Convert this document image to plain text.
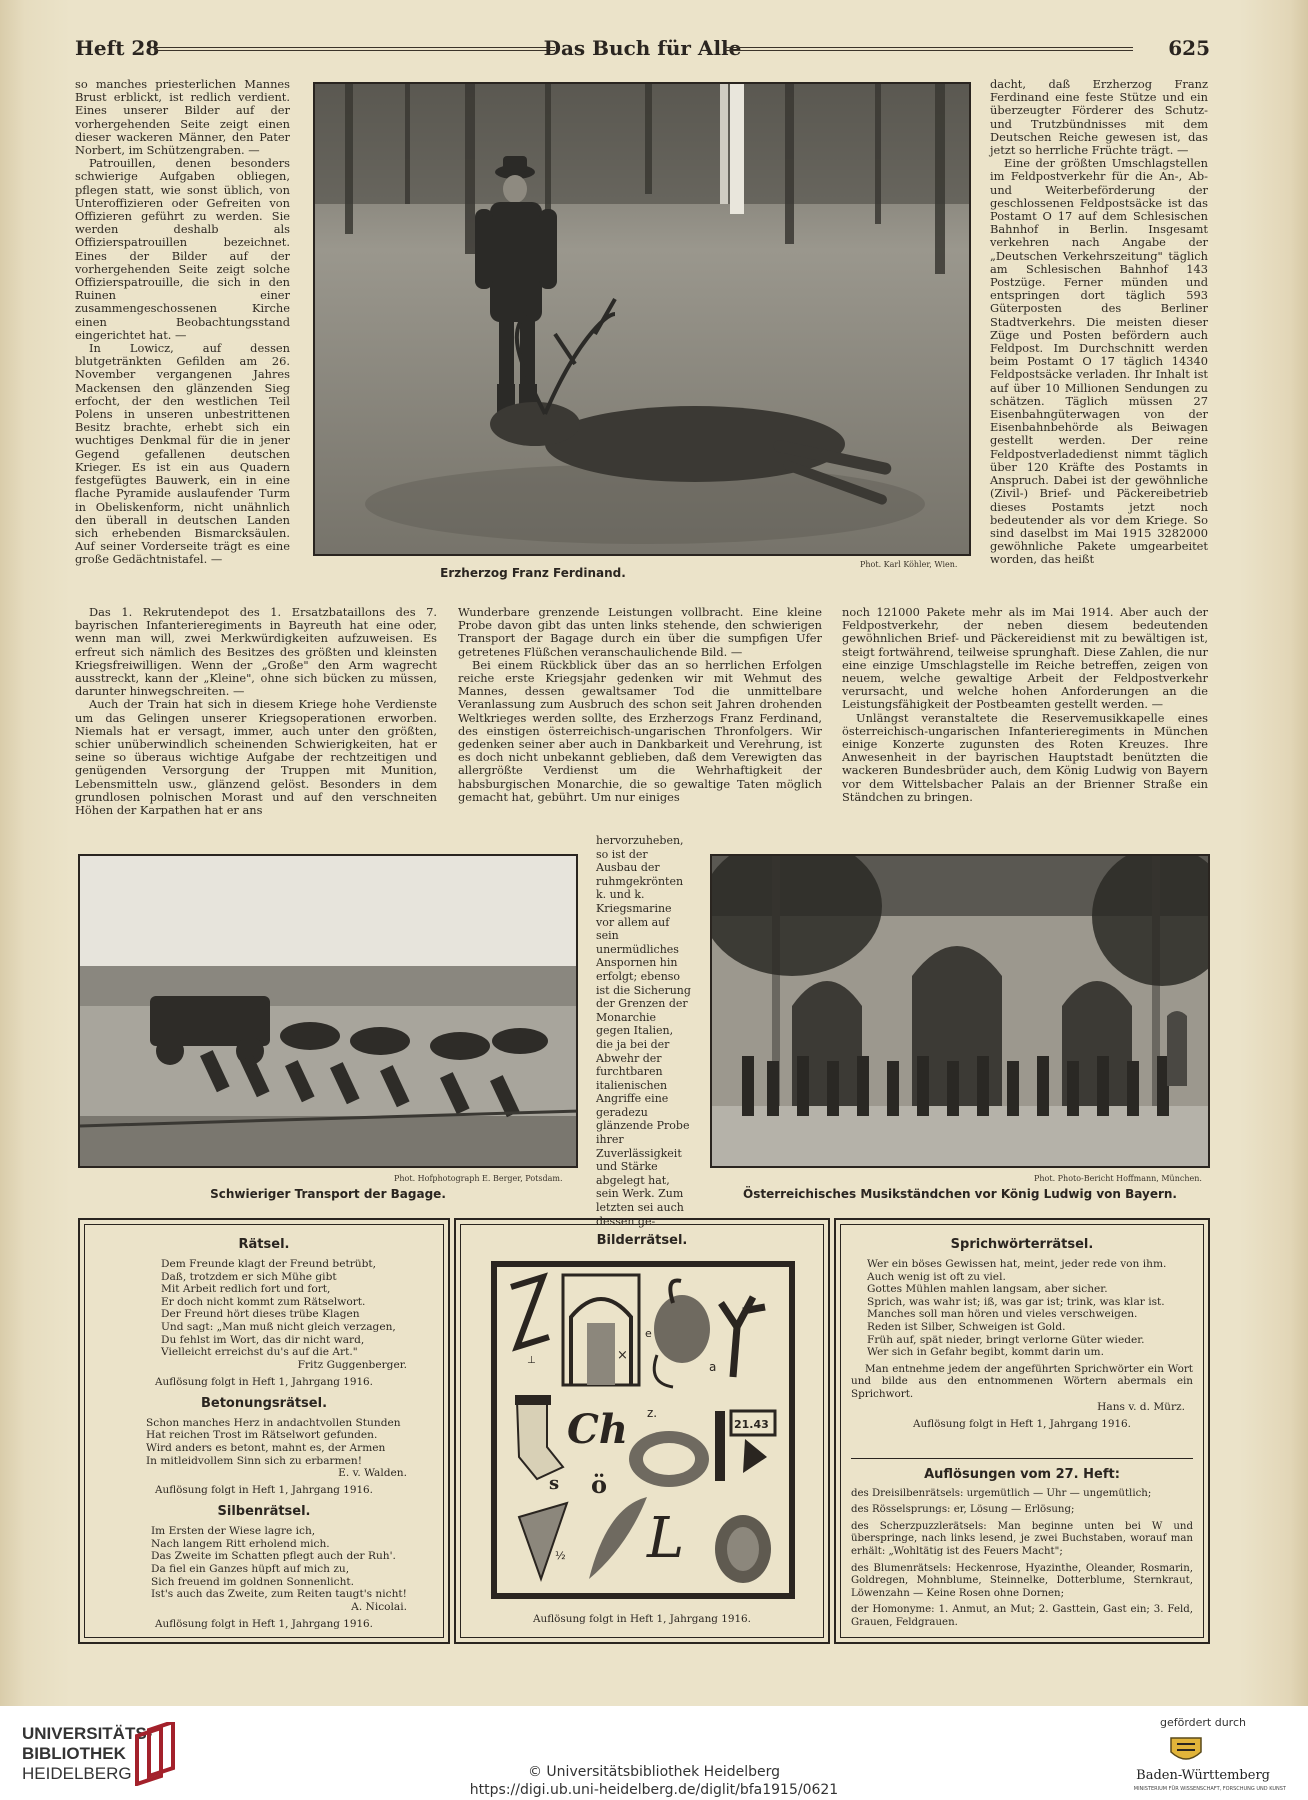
Heft 28	Das Buch für Alle	625

so manches priesterlichen Mannes Brust erblickt, ist redlich verdient. Eines unserer Bilder auf der vorhergehenden Seite zeigt einen dieser wackeren Männer, den Pater Norbert, im Schützengraben. —

Patrouillen, denen besonders schwierige Aufgaben obliegen, pflegen statt, wie sonst üblich, von Unteroffizieren oder Gefreiten von Offizieren geführt zu werden. Sie werden deshalb als Offizierspatrouillen bezeichnet. Eines der Bilder auf der vorhergehenden Seite zeigt solche Offizierspatrouille, die sich in den Ruinen einer zusammengeschossenen Kirche einen Beobachtungsstand eingerichtet hat. —

In Lowicz, auf dessen blutgetränkten Gefilden am 26. November vergangenen Jahres Mackensen den glänzenden Sieg erfocht, der den westlichen Teil Polens in unseren unbestrittenen Besitz brachte, erhebt sich ein wuchtiges Denkmal für die in jener Gegend gefallenen deutschen Krieger. Es ist ein aus Quadern festgefügtes Bauwerk, ein in eine flache Pyramide auslaufender Turm in Obeliskenform, nicht unähnlich den überall in deutschen Landen sich erhebenden Bismarcksäulen. Auf seiner Vorderseite trägt es eine große Gedächtnistafel. —

Erzherzog Franz Ferdinand.
Phot. Karl Köhler, Wien.

dacht, daß Erzherzog Franz Ferdinand eine feste Stütze und ein überzeugter Förderer des Schutz- und Trutzbündnisses mit dem Deutschen Reiche gewesen ist, das jetzt so herrliche Früchte trägt. —

Eine der größten Umschlagstellen im Feldpostverkehr für die An-, Ab- und Weiterbeförderung der geschlossenen Feldpostsäcke ist das Postamt O 17 auf dem Schlesischen Bahnhof in Berlin. Insgesamt verkehren nach Angabe der „Deutschen Verkehrszeitung" täglich am Schlesischen Bahnhof 143 Postzüge. Ferner münden und entspringen dort täglich 593 Güterposten des Berliner Stadtverkehrs. Die meisten dieser Züge und Posten befördern auch Feldpost. Im Durchschnitt werden beim Postamt O 17 täglich 14340 Feldpostsäcke verladen. Ihr Inhalt ist auf über 10 Millionen Sendungen zu schätzen. Täglich müssen 27 Eisenbahngüterwagen von der Eisenbahnbehörde als Beiwagen gestellt werden. Der reine Feldpostverladedienst nimmt täglich über 120 Kräfte des Postamts in Anspruch. Dabei ist der gewöhnliche (Zivil-) Brief- und Päckereibetrieb dieses Postamts jetzt noch bedeutender als vor dem Kriege. So sind daselbst im Mai 1915 3282000 gewöhnliche Pakete umgearbeitet worden, das heißt

Das 1. Rekrutendepot des 1. Ersatzbataillons des 7. bayrischen Infanterieregiments in Bayreuth hat eine oder, wenn man will, zwei Merkwürdigkeiten aufzuweisen. Es erfreut sich nämlich des Besitzes des größten und kleinsten Kriegsfreiwilligen. Wenn der „Große" den Arm wagrecht ausstreckt, kann der „Kleine", ohne sich bücken zu müssen, darunter hinwegschreiten. —

Auch der Train hat sich in diesem Kriege hohe Verdienste um das Gelingen unserer Kriegsoperationen erworben. Niemals hat er versagt, immer, auch unter den größten, schier unüberwindlich scheinenden Schwierigkeiten, hat er seine so überaus wichtige Aufgabe der rechtzeitigen und genügenden Versorgung der Truppen mit Munition, Lebensmitteln usw., glänzend gelöst. Besonders in dem grundlosen polnischen Morast und auf den verschneiten Höhen der Karpathen hat er ans

Wunderbare grenzende Leistungen vollbracht. Eine kleine Probe davon gibt das unten links stehende, den schwierigen Transport der Bagage durch ein über die sumpfigen Ufer getretenes Flüßchen veranschaulichende Bild. —

Bei einem Rückblick über das an so herrlichen Erfolgen reiche erste Kriegsjahr gedenken wir mit Wehmut des Mannes, dessen gewaltsamer Tod die unmittelbare Veranlassung zum Ausbruch des schon seit Jahren drohenden Weltkrieges werden sollte, des Erzherzogs Franz Ferdinand, des einstigen österreichisch-ungarischen Thronfolgers. Wir gedenken seiner aber auch in Dankbarkeit und Verehrung, ist es doch nicht unbekannt geblieben, daß dem Verewigten das allergrößte Verdienst um die Wehrhaftigkeit der habsburgischen Monarchie, die so gewaltige Taten möglich gemacht hat, gebührt. Um nur einiges

noch 121000 Pakete mehr als im Mai 1914. Aber auch der Feldpostverkehr, der neben diesem bedeutenden gewöhnlichen Brief- und Päckereidienst mit zu bewältigen ist, steigt fortwährend, teilweise sprunghaft. Diese Zahlen, die nur eine einzige Umschlagstelle im Reiche betreffen, zeigen von neuem, welche gewaltige Arbeit der Feldpostverkehr verursacht, und welche hohen Anforderungen an die Leistungsfähigkeit der Postbeamten gestellt werden. —

Unlängst veranstaltete die Reservemusikkapelle eines österreichisch-ungarischen Infanterieregiments in München einige Konzerte zugunsten des Roten Kreuzes. Ihre Anwesenheit in der bayrischen Hauptstadt benützten die wackeren Bundesbrüder auch, dem König Ludwig von Bayern vor dem Wittelsbacher Palais an der Brienner Straße ein Ständchen zu bringen.

Schwieriger Transport der Bagage.
Phot. Hofphotograph E. Berger, Potsdam.
hervorzuheben, so ist der Ausbau der ruhmgekrönten k. und k. Kriegsmarine vor allem auf sein unermüdliches Anspornen hin erfolgt; ebenso ist die Sicherung der Grenzen der Monarchie gegen Italien, die ja bei der Abwehr der furchtbaren italienischen Angriffe eine geradezu glänzende Probe ihrer Zuverlässigkeit und Stärke abgelegt hat, sein Werk. Zum letzten sei auch dessen ge-
Österreichisches Musikständchen vor König Ludwig von Bayern.
Phot. Photo-Bericht Hoffmann, München.
Rätsel.
Dem Freunde klagt der Freund betrübt,
Daß, trotzdem er sich Mühe gibt
Mit Arbeit redlich fort und fort,
Er doch nicht kommt zum Rätselwort.
Der Freund hört dieses trübe Klagen
Und sagt: „Man muß nicht gleich verzagen,
Du fehlst im Wort, das dir nicht ward,
Vielleicht erreichst du's auf die Art."
Fritz Guggenberger.
Auflösung folgt in Heft 1, Jahrgang 1916.
Betonungsrätsel.
Schon manches Herz in andachtvollen Stunden
Hat reichen Trost im Rätselwort gefunden.
Wird anders es betont, mahnt es, der Armen
In mitleidvollem Sinn sich zu erbarmen!
E. v. Walden.
Auflösung folgt in Heft 1, Jahrgang 1916.
Silbenrätsel.
Im Ersten der Wiese lagre ich,
Nach langem Ritt erholend mich.
Das Zweite im Schatten pflegt auch der Ruh'.
Da fiel ein Ganzes hüpft auf mich zu,
Sich freuend im goldnen Sonnenlicht.
Ist's auch das Zweite, zum Reiten taugt's nicht!
A. Nicolai.
Auflösung folgt in Heft 1, Jahrgang 1916.
Bilderrätsel.
⊥	×
e
a
s
Ch
ö
z.
21.43
½ L
Auflösung folgt in Heft 1, Jahrgang 1916.
Sprichwörterrätsel.
Wer ein böses Gewissen hat, meint, jeder rede von ihm.
Auch wenig ist oft zu viel.
Gottes Mühlen mahlen langsam, aber sicher.
Sprich, was wahr ist; iß, was gar ist; trink, was klar ist.
Manches soll man hören und vieles verschweigen.
Reden ist Silber, Schweigen ist Gold.
Früh auf, spät nieder, bringt verlorne Güter wieder.
Wer sich in Gefahr begibt, kommt darin um.
Man entnehme jedem der angeführten Sprichwörter ein Wort und bilde aus den entnommenen Wörtern abermals ein Sprichwort.
Hans v. d. Mürz.
Auflösung folgt in Heft 1, Jahrgang 1916.
Auflösungen vom 27. Heft:
des Dreisilbenrätsels: urgemütlich — Uhr — ungemütlich;
des Rösselsprungs: er, Lösung — Erlösung;
des Scherzpuzzlerätsels: Man beginne unten bei W und überspringe, nach links lesend, je zwei Buchstaben, worauf man erhält: „Wohltätig ist des Feuers Macht";
des Blumenrätsels: Heckenrose, Hyazinthe, Oleander, Rosmarin, Goldregen, Mohnblume, Steinnelke, Dotterblume, Sternkraut, Löwenzahn — Keine Rosen ohne Dornen;
der Homonyme: 1. Anmut, an Mut; 2. Gasttein, Gast ein; 3. Feld, Grauen, Feldgrauen.
UNIVERSITÄTS-
BIBLIOTHEK
HEIDELBERG	© Universitätsbibliothek Heidelberg
https://digi.ub.uni-heidelberg.de/diglit/bfa1915/0621
gefördert durch
Baden-Württemberg
MINISTERIUM FÜR WISSENSCHAFT, FORSCHUNG UND KUNST
